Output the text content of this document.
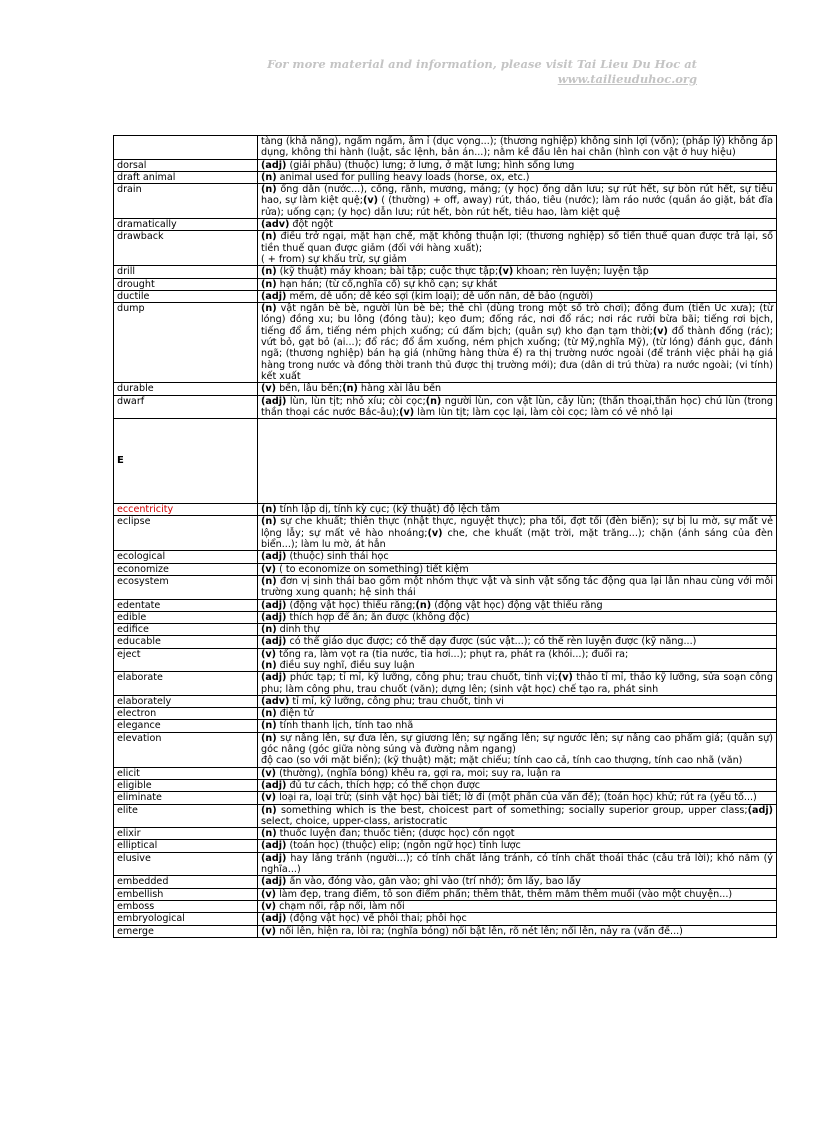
For more material and information, please visit Tai Lieu Du Hoc at
www.tailieuduhoc.org
	tàng (khả năng), ngấm ngầm, âm ỉ (dục vọng...); (thương nghiệp) không sinh lợi (vốn); (pháp lý) không áp dụng, không thi hành (luật, sắc lệnh, bản án...); nằm kề đầu lên hai chân (hình con vật ở huy hiệu)
dorsal	(adj) (giải phẫu) (thuộc) lưng; ở lưng, ở mặt lưng; hình sống lưng
draft animal	(n) animal used for pulling heavy loads (horse, ox, etc.)
drain	(n) ống dẫn (nước...), cống, rãnh, mương, máng; (y học) ống dẫn lưu; sự rút hết, sự bòn rút hết, sự tiêu hao, sự làm kiệt quệ;(v) ( (thường) + off, away) rút, tháo, tiêu (nước); làm ráo nước (quần áo giặt, bát đĩa rửa); uống cạn; (y học) dẫn lưu; rút hết, bòn rút hết, tiêu hao, làm kiệt quệ
dramatically	(adv) đột ngột
drawback	(n) điều trở ngại, mặt hạn chế, mặt không thuận lợi; (thương nghiệp) số tiền thuế quan được trả lại, số tiền thuế quan được giảm (đối với hàng xuất);
( + from) sự khấu trừ, sự giảm

drill	(n) (kỹ thuật) máy khoan; bài tập; cuộc thực tập;(v) khoan; rèn luyện; luyện tập
drought	(n) hạn hán; (từ cổ,nghĩa cổ) sự khô cạn; sự khát
ductile	(adj) mềm, dễ uốn; dễ kéo sợi (kim loại); dễ uốn nắn, dễ bảo (người)
dump	(n) vật ngắn bè bè, người lùn bè bè; thẻ chì (dùng trong một số trò chơi); đồng đum (tiền Úc xưa); (từ lóng) đồng xu; bu lông (đóng tàu); kẹo đum; đống rác, nơi đổ rác; nơi rác rưởi bừa bãi; tiếng rơi bịch, tiếng đổ ầm, tiếng ném phịch xuống; cú đấm bịch; (quân sự) kho đạn tạm thời;(v) đổ thành đống (rác); vứt bỏ, gạt bỏ (ai...); đổ rác; đổ ầm xuống, ném phịch xuống; (từ Mỹ,nghĩa Mỹ), (từ lóng) đánh gục, đánh ngã; (thương nghiệp) bán hạ giá (những hàng thừa ế) ra thị trường nước ngoài (để tránh việc phải hạ giá hàng trong nước và đồng thời tranh thủ được thị trường mới); đưa (dân di trú thừa) ra nước ngoài; (vi tính) kết xuất
durable	(v) bền, lâu bền;(n) hàng xài lâu bền
dwarf	(adj) lùn, lùn tịt; nhỏ xíu; còi cọc;(n) người lùn, con vật lùn, cây lùn; (thần thoại,thần học) chú lùn (trong thần thoại các nước Bắc-âu);(v) làm lùn tịt; làm cọc lại, làm còi cọc; làm có vẻ nhỏ lại
E	
eccentricity	(n) tính lập dị, tính kỳ cục; (kỹ thuật) độ lệch tâm
eclipse	(n) sự che khuất; thiên thực (nhật thực, nguyệt thực); pha tối, đợt tối (đèn biển); sự bị lu mờ, sự mất vẻ lộng lẫy; sự mất vẻ hào nhoáng;(v) che, che khuất (mặt trời, mặt trăng...); chặn (ánh sáng của đèn biển...); làm lu mờ, át hẳn
ecological	(adj) (thuộc) sinh thái học
economize	(v) ( to economize on something) tiết kiệm
ecosystem	(n) đơn vị sinh thái bao gồm một nhóm thực vật và sinh vật sống tác động qua lại lẫn nhau cùng với môi trường xung quanh; hệ sinh thái
edentate	(adj) (động vật học) thiếu răng;(n) (động vật học) động vật thiếu răng
edible	(adj) thích hợp để ăn; ăn được (không độc)
edifice	(n) dinh thự
educable	(adj) có thể giáo dục được; có thể dạy được (súc vật...); có thể rèn luyện được (kỹ năng...)
eject	(v) tống ra, làm vọt ra (tia nước, tia hơi...); phụt ra, phát ra (khói...); đuổi ra;
(n) điều suy nghĩ, điều suy luận

elaborate	(adj) phức tạp; tỉ mỉ, kỹ lưỡng, công phu; trau chuốt, tinh vi;(v) thảo tỉ mỉ, thảo kỹ lưỡng, sửa soạn công phu; làm công phu, trau chuốt (văn); dựng lên; (sinh vật học) chế tạo ra, phát sinh
elaborately	(adv) tỉ mỉ, kỹ lưỡng, công phu; trau chuốt, tinh vi
electron	(n) điện tử
elegance	(n) tính thanh lịch, tính tao nhã
elevation	(n) sự nâng lên, sự đưa lên, sự giương lên; sự ngẩng lên; sự ngước lên; sự nâng cao phẩm giá; (quân sự) góc nâng (góc giữa nòng súng và đường nằm ngang)
độ cao (so với mặt biển); (kỹ thuật) mặt; mặt chiếu; tính cao cả, tính cao thượng, tính cao nhã (văn)

elicit	(v) (thường), (nghĩa bóng) khêu ra, gợi ra, moi; suy ra, luận ra
eligible	(adj) đủ tư cách, thích hợp; có thể chọn được
eliminate	(v) loại ra, loại trừ; (sinh vật học) bài tiết; lờ đi (một phần của vấn đề); (toán học) khử; rút ra (yếu tố...)
elite	(n) something which is the best, choicest part of something; socially superior group, upper class;(adj) select, choice, upper-class, aristocratic
elixir	(n) thuốc luyện đan; thuốc tiên; (dược học) cồn ngọt
elliptical	(adj) (toán học) (thuộc) elip; (ngôn ngữ học) tỉnh lược
elusive	(adj) hay lảng tránh (người...); có tính chất lảng tránh, có tính chất thoái thác (câu trả lời); khó nắm (ý nghĩa...)
embedded	(adj) ấn vào, đóng vào, gắn vào; ghi vào (trí nhớ); ôm lấy, bao lấy
embellish	(v) làm đẹp, trang điểm, tô son điểm phấn; thêm thắt, thêm mắm thêm muối (vào một chuyện...)
emboss	(v) chạm nổi, rập nổi, làm nổi
embryological	(adj) (động vật học) về phôi thai; phôi học
emerge	(v) nổi lên, hiện ra, lòi ra; (nghĩa bóng) nổi bật lên, rõ nét lên; nổi lên, nảy ra (vấn đề...)
